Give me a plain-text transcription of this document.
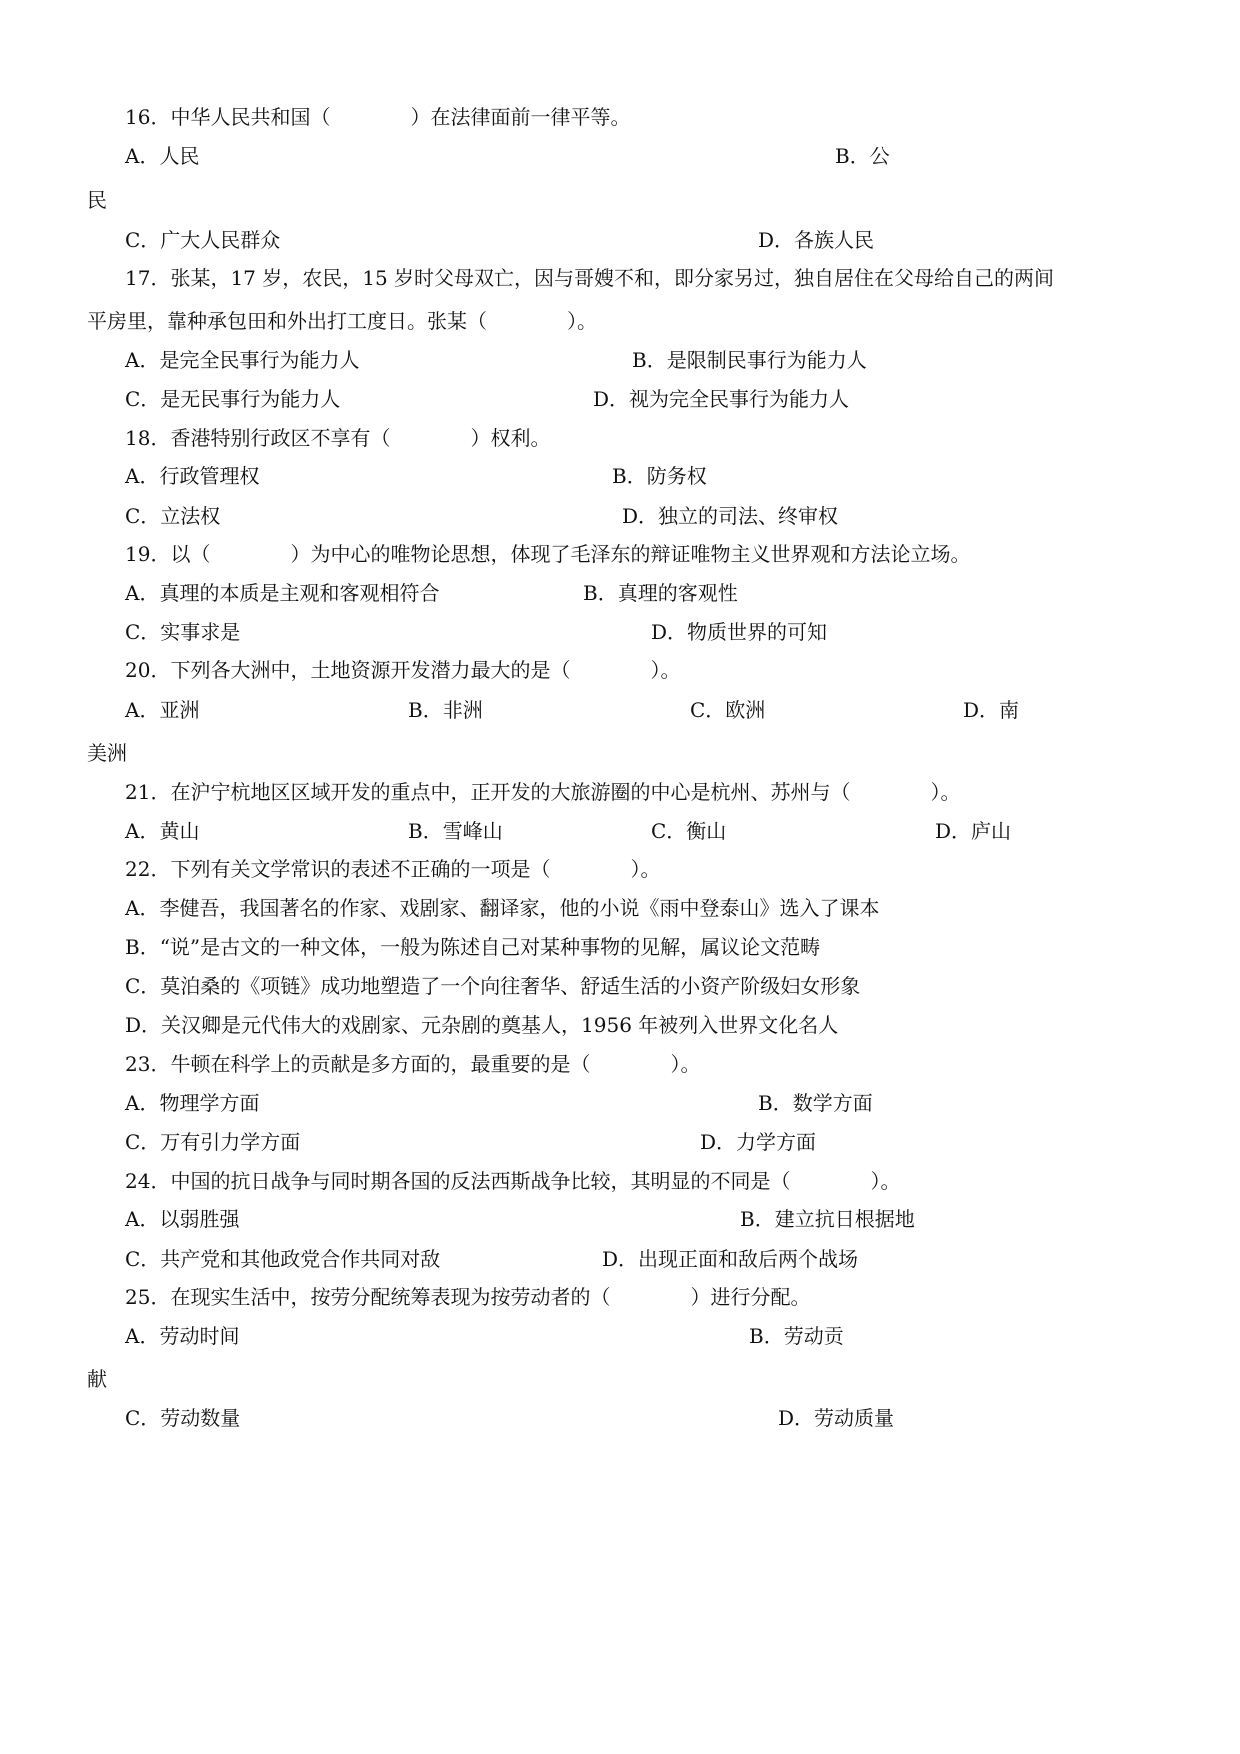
16．中华人民共和国（　　　　）在法律面前一律平等。
A．人民	B．公
民
C．广大人民群众	D．各族人民
17．张某，17 岁，农民，15 岁时父母双亡，因与哥嫂不和，即分家另过，独自居住在父母给自己的两间
平房里，靠种承包田和外出打工度日。张某（　　　　）。
A．是完全民事行为能力人	B．是限制民事行为能力人
C．是无民事行为能力人	D．视为完全民事行为能力人
18．香港特别行政区不享有（　　　　）权利。
A．行政管理权	B．防务权
C．立法权	D．独立的司法、终审权
19．以（　　　　）为中心的唯物论思想，体现了毛泽东的辩证唯物主义世界观和方法论立场。
A．真理的本质是主观和客观相符合	B．真理的客观性
C．实事求是	D．物质世界的可知
20．下列各大洲中，土地资源开发潜力最大的是（　　　　）。
A．亚洲	B．非洲	C．欧洲	D．南
美洲
21．在沪宁杭地区区域开发的重点中，正开发的大旅游圈的中心是杭州、苏州与（　　　　）。
A．黄山	B．雪峰山	C．衡山	D．庐山
22．下列有关文学常识的表述不正确的一项是（　　　　）。
A．李健吾，我国著名的作家、戏剧家、翻译家，他的小说《雨中登泰山》选入了课本
B．“说”是古文的一种文体，一般为陈述自己对某种事物的见解，属议论文范畴
C．莫泊桑的《项链》成功地塑造了一个向往奢华、舒适生活的小资产阶级妇女形象
D．关汉卿是元代伟大的戏剧家、元杂剧的奠基人，1956 年被列入世界文化名人
23．牛顿在科学上的贡献是多方面的，最重要的是（　　　　）。
A．物理学方面	B．数学方面
C．万有引力学方面	D．力学方面
24．中国的抗日战争与同时期各国的反法西斯战争比较，其明显的不同是（　　　　）。
A．以弱胜强	B．建立抗日根据地
C．共产党和其他政党合作共同对敌	D．出现正面和敌后两个战场
25．在现实生活中，按劳分配统筹表现为按劳动者的（　　　　）进行分配。
A．劳动时间	B．劳动贡
献
C．劳动数量	D．劳动质量
